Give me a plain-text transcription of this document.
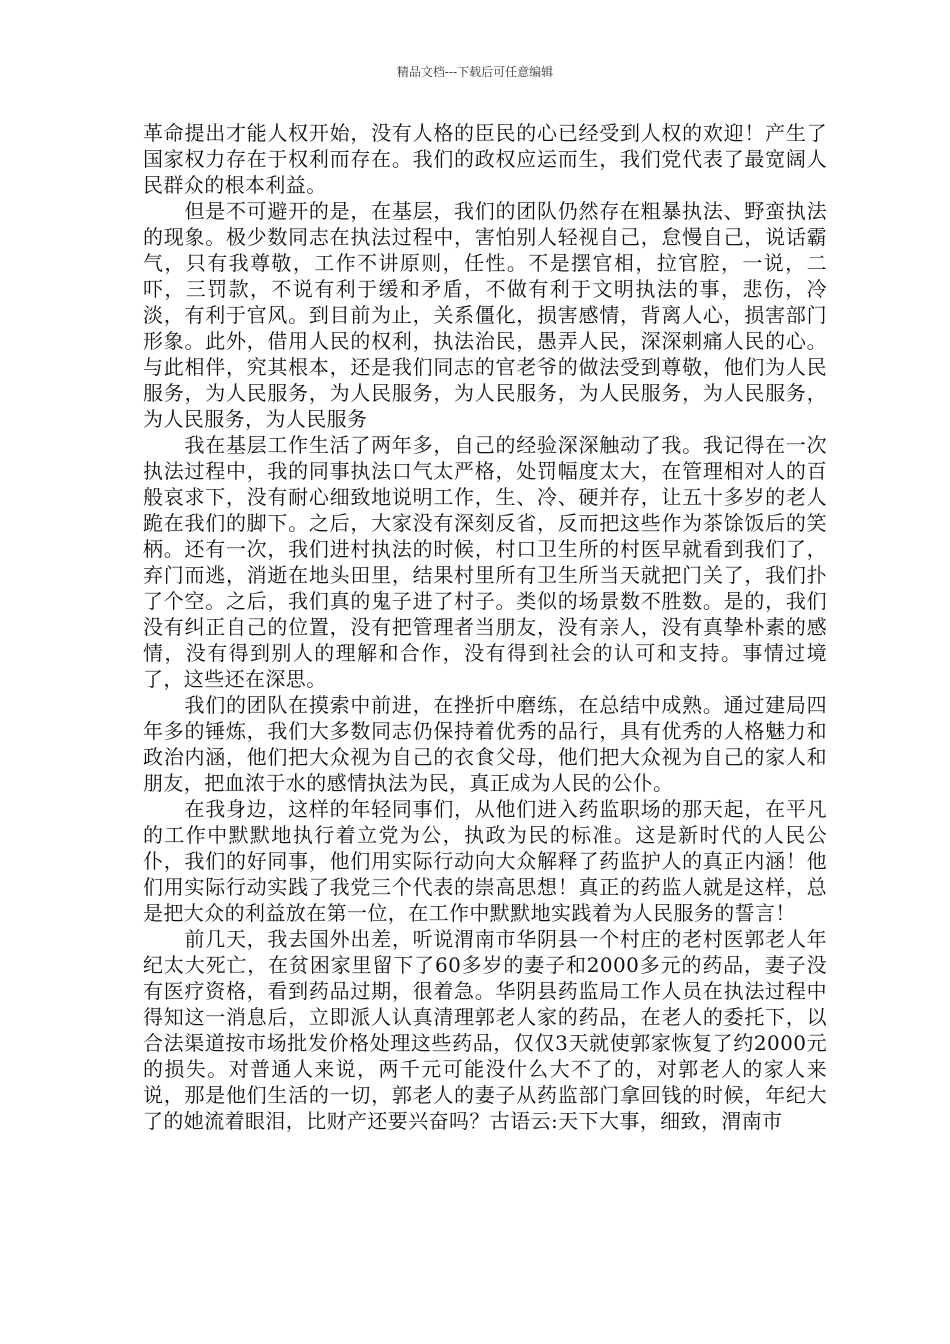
精品文档---下载后可任意编辑

革命提出才能人权开始，没有人格的臣民的心已经受到人权的欢迎！产生了国家权力存在于权利而存在。我们的政权应运而生，我们党代表了最宽阔人民群众的根本利益。

　　但是不可避开的是，在基层，我们的团队仍然存在粗暴执法、野蛮执法的现象。极少数同志在执法过程中，害怕别人轻视自己，怠慢自己，说话霸气，只有我尊敬，工作不讲原则，任性。不是摆官相，拉官腔，一说，二吓，三罚款，不说有利于缓和矛盾，不做有利于文明执法的事，悲伤，冷淡，有利于官风。到目前为止，关系僵化，损害感情，背离人心，损害部门形象。此外，借用人民的权利，执法治民，愚弄人民，深深刺痛人民的心。与此相伴，究其根本，还是我们同志的官老爷的做法受到尊敬，他们为人民服务，为人民服务，为人民服务，为人民服务，为人民服务，为人民服务，为人民服务，为人民服务

　　我在基层工作生活了两年多，自己的经验深深触动了我。我记得在一次执法过程中，我的同事执法口气太严格，处罚幅度太大，在管理相对人的百般哀求下，没有耐心细致地说明工作，生、冷、硬并存，让五十多岁的老人跪在我们的脚下。之后，大家没有深刻反省，反而把这些作为茶馀饭后的笑柄。还有一次，我们进村执法的时候，村口卫生所的村医早就看到我们了，弃门而逃，消逝在地头田里，结果村里所有卫生所当天就把门关了，我们扑了个空。之后，我们真的鬼子进了村子。类似的场景数不胜数。是的，我们没有纠正自己的位置，没有把管理者当朋友，没有亲人，没有真挚朴素的感情，没有得到别人的理解和合作，没有得到社会的认可和支持。事情过境了，这些还在深思。

　　我们的团队在摸索中前进，在挫折中磨练，在总结中成熟。通过建局四年多的锤炼，我们大多数同志仍保持着优秀的品行，具有优秀的人格魅力和政治内涵，他们把大众视为自己的衣食父母，他们把大众视为自己的家人和朋友，把血浓于水的感情执法为民，真正成为人民的公仆。

　　在我身边，这样的年轻同事们，从他们进入药监职场的那天起，在平凡的工作中默默地执行着立党为公，执政为民的标准。这是新时代的人民公仆，我们的好同事，他们用实际行动向大众解释了药监护人的真正内涵！他们用实际行动实践了我党三个代表的崇高思想！真正的药监人就是这样，总是把大众的利益放在第一位，在工作中默默地实践着为人民服务的誓言！

　　前几天，我去国外出差，听说渭南市华阴县一个村庄的老村医郭老人年纪太大死亡，在贫困家里留下了60多岁的妻子和2000多元的药品，妻子没有医疗资格，看到药品过期，很着急。华阴县药监局工作人员在执法过程中得知这一消息后，立即派人认真清理郭老人家的药品，在老人的委托下，以合法渠道按市场批发价格处理这些药品，仅仅3天就使郭家恢复了约2000元的损失。对普通人来说，两千元可能没什么大不了的，对郭老人的家人来说，那是他们生活的一切，郭老人的妻子从药监部门拿回钱的时候，年纪大了的她流着眼泪，比财产还要兴奋吗？古语云:天下大事，细致，渭南市
